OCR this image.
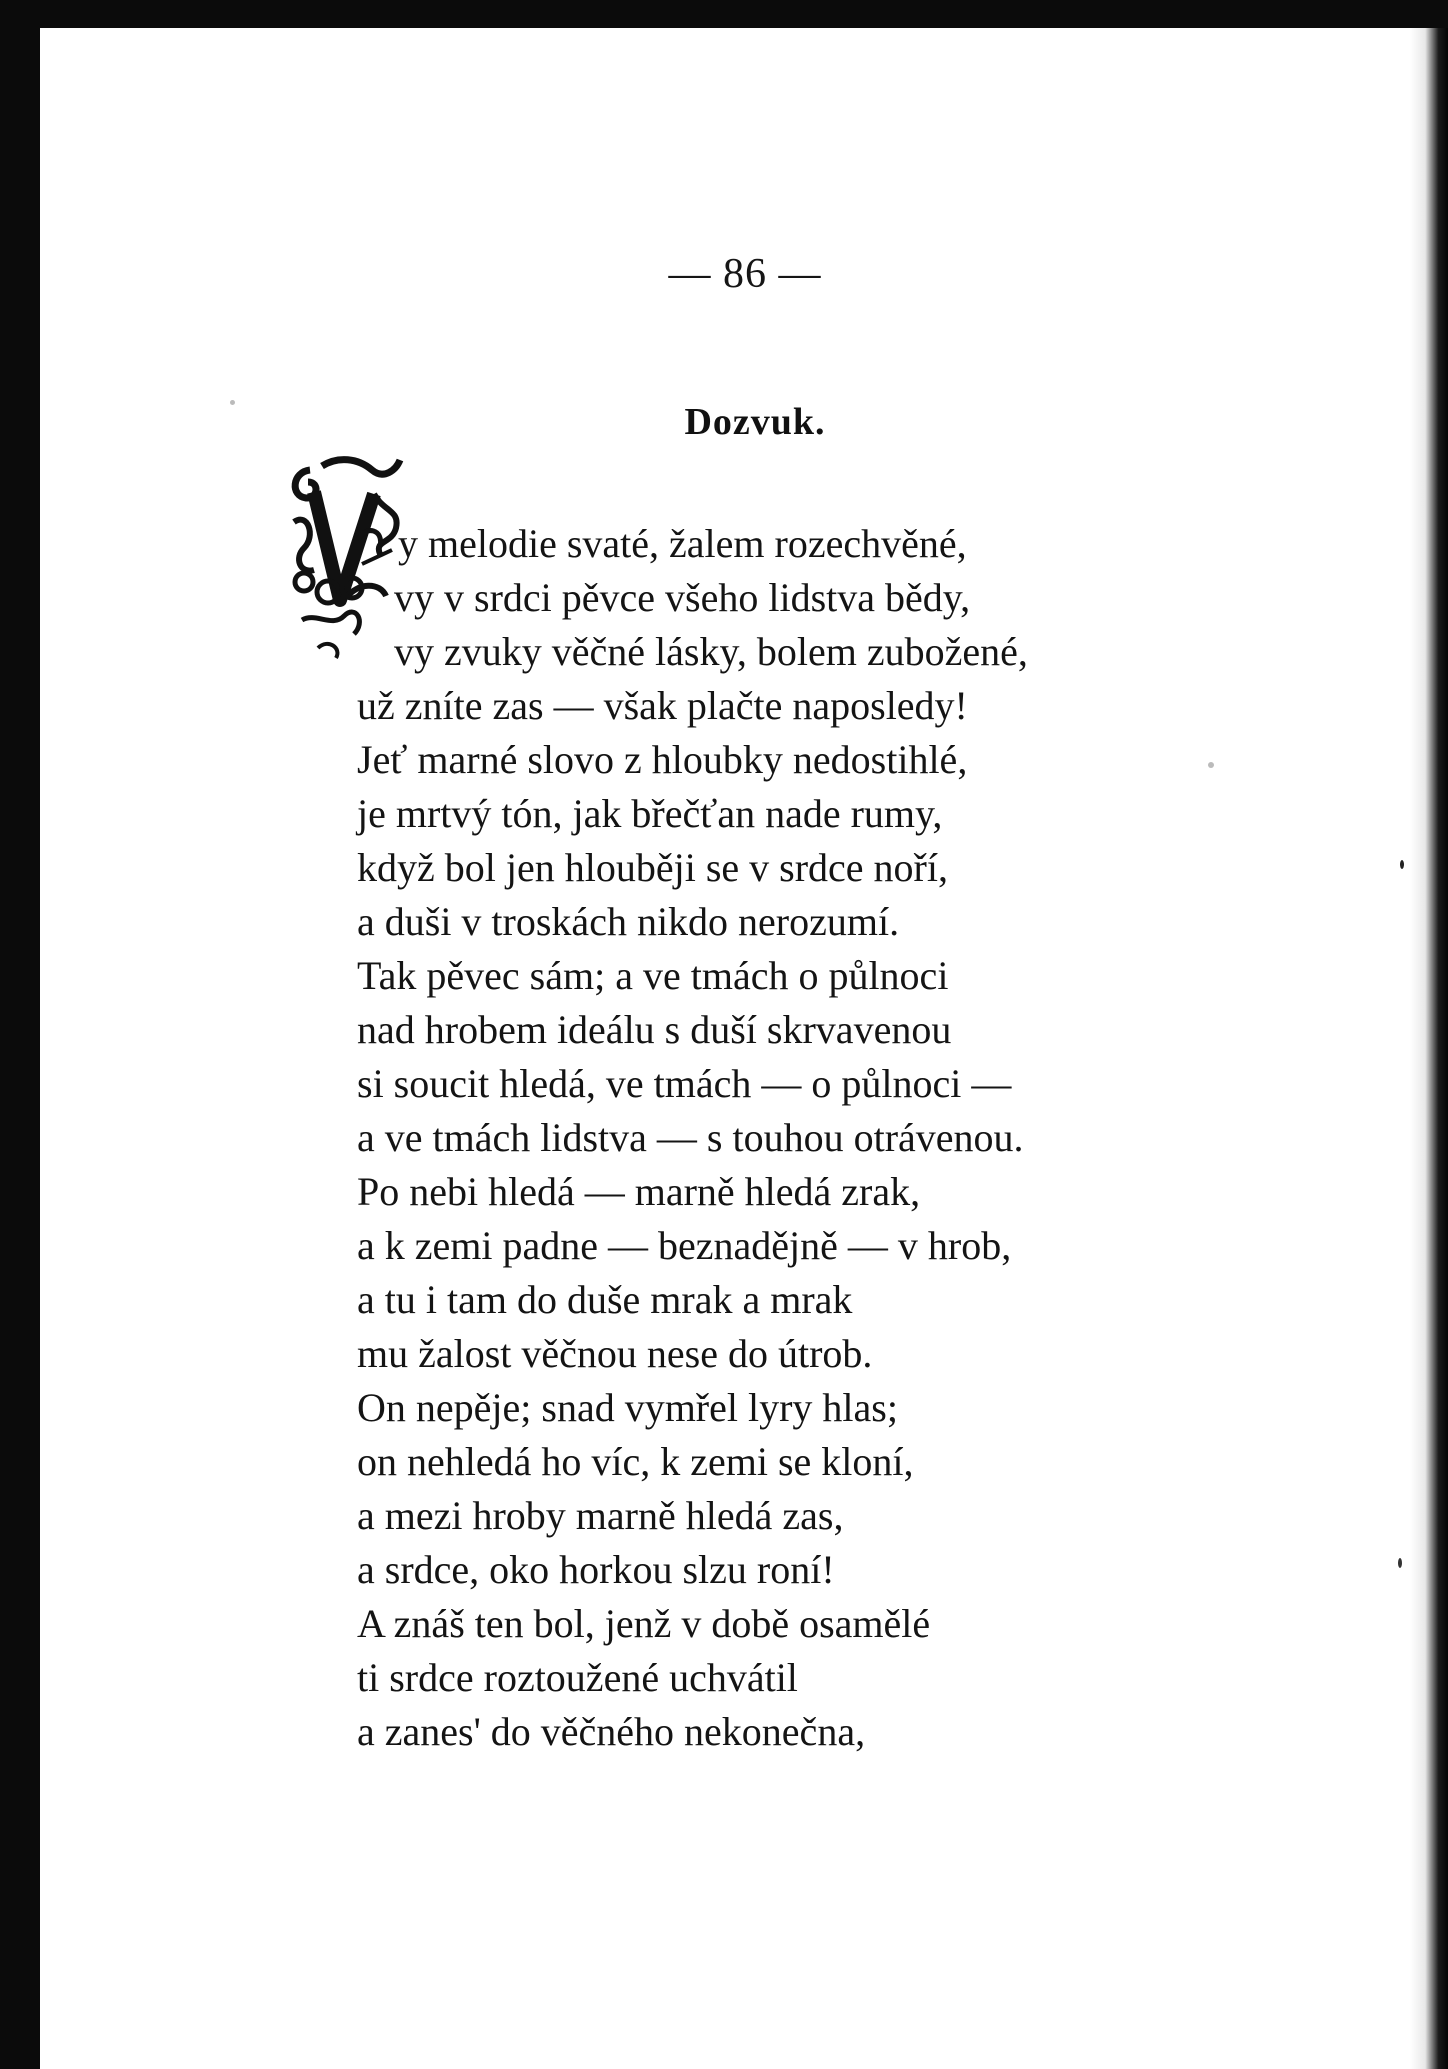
— 86 —
Dozvuk.
y melodie svaté, žalem rozechvěné,
vy v srdci pěvce všeho lidstva bědy,
vy zvuky věčné lásky, bolem zubožené,
už zníte zas — však plačte naposledy!
Jeť marné slovo z hloubky nedostihlé,
je mrtvý tón, jak břečťan nade rumy,
když bol jen hlouběji se v srdce noří,
a duši v troskách nikdo nerozumí.
Tak pěvec sám; a ve tmách o půlnoci
nad hrobem ideálu s duší skrvavenou
si soucit hledá, ve tmách — o půlnoci —
a ve tmách lidstva — s touhou otrávenou.
Po nebi hledá — marně hledá zrak,
a k zemi padne — beznadějně — v hrob,
a tu i tam do duše mrak a mrak
mu žalost věčnou nese do útrob.
On nepěje; snad vymřel lyry hlas;
on nehledá ho víc, k zemi se kloní,
a mezi hroby marně hledá zas,
a srdce, oko horkou slzu roní!
A znáš ten bol, jenž v době osamělé
ti srdce roztoužené uchvátil
a zanes' do věčného nekonečna,
